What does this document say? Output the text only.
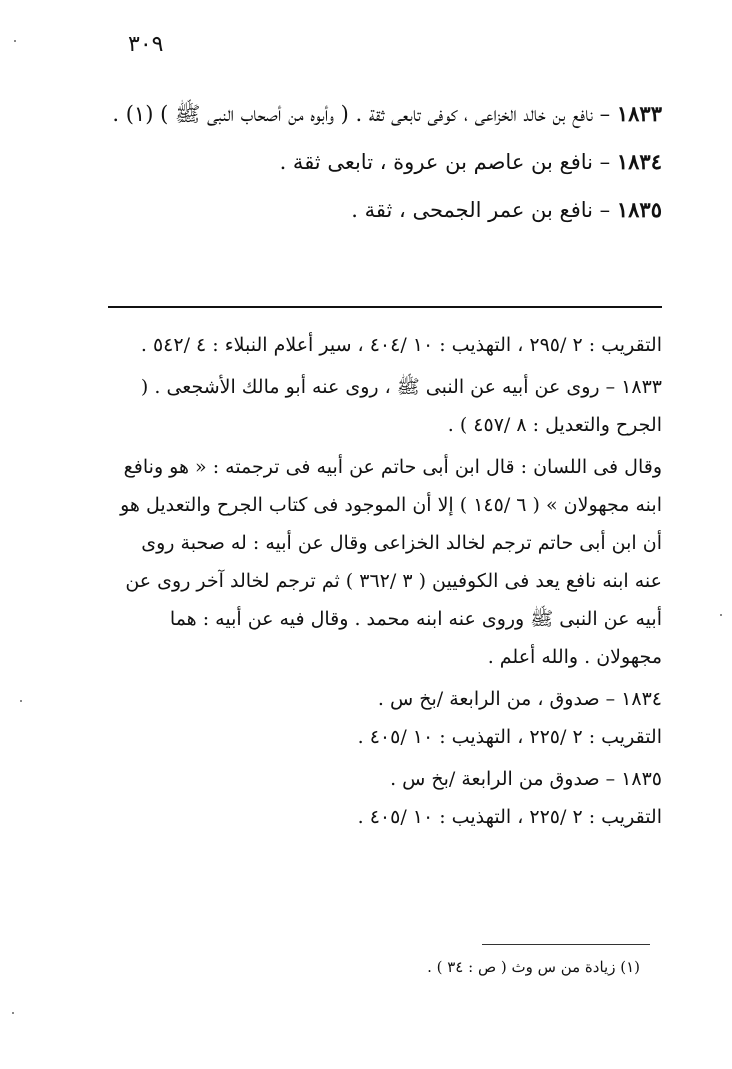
٣٠٩
١٨٣٣ – نافع بن خالد الخزاعى ، كوفى تابعى ثقة . ( وأبوه من أصحاب النبى ﷺ ) (١) .
١٨٣٤ – نافع بن عاصم بن عروة ، تابعى ثقة .
١٨٣٥ – نافع بن عمر الجمحى ، ثقة .
التقريب : ٢ /٢٩٥ ، التهذيب : ١٠ /٤٠٤ ، سير أعلام النبلاء : ٤ /٥٤٢ .
١٨٣٣ – روى عن أبيه عن النبى ﷺ ، روى عنه أبو مالك الأشجعى . ( الجرح والتعديل : ٨ /٤٥٧ ) .
وقال فى اللسان : قال ابن أبى حاتم عن أبيه فى ترجمته : « هو ونافع ابنه مجهولان » ( ٦ /١٤٥ ) إلا أن الموجود فى كتاب الجرح والتعديل هو أن ابن أبى حاتم ترجم لخالد الخزاعى وقال عن أبيه : له صحبة روى عنه ابنه نافع يعد فى الكوفيين ( ٣ /٣٦٢ ) ثم ترجم لخالد آخر روى عن أبيه عن النبى ﷺ وروى عنه ابنه محمد . وقال فيه عن أبيه : هما مجهولان . والله أعلم .
١٨٣٤ – صدوق ، من الرابعة /بخ س .
التقريب : ٢ /٢٢٥ ، التهذيب : ١٠ /٤٠٥ .
١٨٣٥ – صدوق من الرابعة /بخ س .
التقريب : ٢ /٢٢٥ ، التهذيب : ١٠ /٤٠٥ .
(١) زيادة من س وث ( ص : ٣٤ ) .
